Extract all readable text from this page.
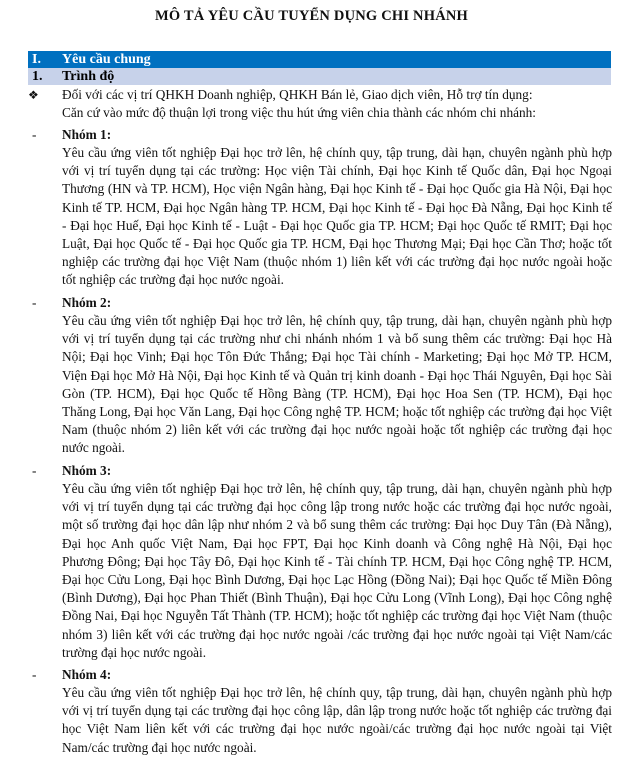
MÔ TẢ YÊU CẦU TUYỂN DỤNG CHI NHÁNH
I. Yêu cầu chung
1. Trình độ
❖ Đối với các vị trí QHKH Doanh nghiệp, QHKH Bán lẻ, Giao dịch viên, Hỗ trợ tín dụng:
Căn cứ vào mức độ thuận lợi trong việc thu hút ứng viên chia thành các nhóm chi nhánh:
- Nhóm 1:
Yêu cầu ứng viên tốt nghiệp Đại học trở lên, hệ chính quy, tập trung, dài hạn, chuyên ngành phù hợp với vị trí tuyển dụng tại các trường: Học viện Tài chính, Đại học Kinh tế Quốc dân, Đại học Ngoại Thương (HN và TP. HCM), Học viện Ngân hàng, Đại học Kinh tế - Đại học Quốc gia Hà Nội, Đại học Kinh tế TP. HCM, Đại học Ngân hàng TP. HCM, Đại học Kinh tế - Đại học Đà Nẵng, Đại học Kinh tế - Đại học Huế, Đại học Kinh tế - Luật - Đại học Quốc gia TP. HCM; Đại học Quốc tế RMIT; Đại học Luật, Đại học Quốc tế - Đại học Quốc gia TP. HCM, Đại học Thương Mại; Đại học Cần Thơ; hoặc tốt nghiệp các trường đại học Việt Nam (thuộc nhóm 1) liên kết với các trường đại học nước ngoài hoặc tốt nghiệp các trường đại học nước ngoài.
- Nhóm 2:
Yêu cầu ứng viên tốt nghiệp Đại học trở lên, hệ chính quy, tập trung, dài hạn, chuyên ngành phù hợp với vị trí tuyển dụng tại các trường như chi nhánh nhóm 1 và bổ sung thêm các trường: Đại học Hà Nội; Đại học Vinh; Đại học Tôn Đức Thắng; Đại học Tài chính - Marketing; Đại học Mở TP. HCM, Viện Đại học Mở Hà Nội, Đại học Kinh tế và Quản trị kinh doanh - Đại học Thái Nguyên, Đại học Sài Gòn (TP. HCM), Đại học Quốc tế Hồng Bàng (TP. HCM), Đại học Hoa Sen (TP. HCM), Đại học Thăng Long, Đại học Văn Lang, Đại học Công nghệ TP. HCM; hoặc tốt nghiệp các trường đại học Việt Nam (thuộc nhóm 2) liên kết với các trường đại học nước ngoài hoặc tốt nghiệp các trường đại học nước ngoài.
- Nhóm 3:
Yêu cầu ứng viên tốt nghiệp Đại học trở lên, hệ chính quy, tập trung, dài hạn, chuyên ngành phù hợp với vị trí tuyển dụng tại các trường đại học công lập trong nước hoặc các trường đại học nước ngoài, một số trường đại học dân lập như nhóm 2 và bổ sung thêm các trường: Đại học Duy Tân (Đà Nẵng), Đại học Anh quốc Việt Nam, Đại học FPT, Đại học Kinh doanh và Công nghệ Hà Nội, Đại học Phương Đông; Đại học Tây Đô, Đại học Kinh tế - Tài chính TP. HCM, Đại học Công nghệ TP. HCM, Đại học Cửu Long, Đại học Bình Dương, Đại học Lạc Hồng (Đồng Nai); Đại học Quốc tế Miền Đông (Bình Dương), Đại học Phan Thiết (Bình Thuận), Đại học Cửu Long (Vĩnh Long), Đại học Công nghệ Đồng Nai, Đại học Nguyễn Tất Thành (TP. HCM); hoặc tốt nghiệp các trường đại học Việt Nam (thuộc nhóm 3) liên kết với các trường đại học nước ngoài /các trường đại học nước ngoài tại Việt Nam/các trường đại học nước ngoài.
- Nhóm 4:
Yêu cầu ứng viên tốt nghiệp Đại học trở lên, hệ chính quy, tập trung, dài hạn, chuyên ngành phù hợp với vị trí tuyển dụng tại các trường đại học công lập, dân lập trong nước hoặc tốt nghiệp các trường đại học Việt Nam liên kết với các trường đại học nước ngoài/các trường đại học nước ngoài tại Việt Nam/các trường đại học nước ngoài.
